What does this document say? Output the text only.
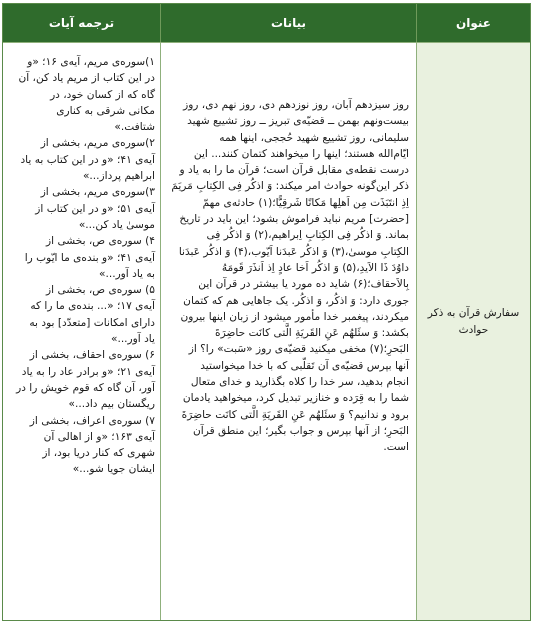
ترجمه آیات	بیانات	عنوان

۱)سوره‌ی مریم، آیه‌ی ۱۶؛ «و
در این کتاب از مریم یاد کن، آن
گاه که از کسان خود، در
مکانی شرقی به کناری
شتافت.»
۲)سوره‌ی مریم، بخشی از
آیه‌ی ۴۱؛ «و در این کتاب به یاد
ابراهیم پرداز...»
۳)سوره‌ی مریم، بخشی از
آیه‌ی ۵۱؛ «و در این کتاب از
موسیٰ یاد کن...»
۴) سوره‌ی ص، بخشی از
آیه‌ی ۴۱؛ «و بنده‌ی ما ایّوب را
به یاد آور...»
۵) سوره‌ی ص، بخشی از
آیه‌ی ۱۷؛ «... بنده‌ی ما را که
دارای امکانات [متعدّد] بود به
یاد آور...»
۶) سوره‌ی احقاف، بخشی از
آیه‌ی ۲۱؛ «و برادر عاد را به یاد
آور، آن گاه که قوم خویش را در
ریگستان بیم داد...»
۷) سوره‌ی اعراف، بخشی از
آیه‌ی ۱۶۳؛ «و از اهالی آن
شهری که کنار دریا بود، از
ایشان جویا شو...»

روز سیزدهم آبان، روز نوزدهم دی، روز نهم دی، روز
بیست‌ونهم بهمن ــ قضیّه‌ی تبریز ــ روز تشییع شهید
سلیمانی، روز تشییع شهید حُججی، اینها همه
ایّام‌الله هستند؛ اینها را میخواهند کتمان کنند... این
درست نقطه‌ی مقابل قرآن است؛ قرآن ما را به یاد و
ذکر این‌گونه حوادث امر میکند: وَ اذکُر فِی الکِتابِ مَریَمَ
اِذِ انتَبَذَت مِن اَهلِها مَکانًا شَرقِیًّا؛(۱) حادثه‌ی مهمّ
[حضرت] مریم نباید فراموش بشود؛ این باید در تاریخ
بماند. وَ اذکُر فِی الکِتابِ اِبراهیم،(۲) وَ اذکُر فِی
الکِتابِ موسیٰ،(۳) وَ اذکُر عَبدَنا اَیّوب،(۴) وَ اذکُر عَبدَنا
داوُدَ ذَا الاَیدِ،(۵) وَ اذکُر اَخا عادٍ اِذ اَنذَرَ قَومَهُ
بِالاَحقاف؛(۶) شاید ده مورد یا بیشتر در قرآن این
جوری دارد: وَ اذکُر، وَ اذکُر. یک جاهایی هم که کتمان
میکردند، پیغمبر خدا مأمور میشود از زبان اینها بیرون
بکشد: وَ سئَلهُم عَنِ القَریَةِ الَّتی کانَت حاضِرَةَ
البَحرِ؛(۷) مخفی میکنید قضیّه‌ی روز «سَبت» را؟ از
آنها بپرس قضیّه‌ی آن تَقلّبی که با خدا میخواستید
انجام بدهید، سر خدا را کلاه بگذارید و خدای متعال
شما را به قِرَده و خنازیر تبدیل کرد، میخواهید یادمان
برود و ندانیم؟ وَ سئَلهُم عَنِ القَریَةِ الَّتی کانَت حاضِرَةَ
البَحرِ؛ از آنها بپرس و جواب بگیر؛ این منطق قرآن
است.

سفارش قرآن به ذکر
حوادث
